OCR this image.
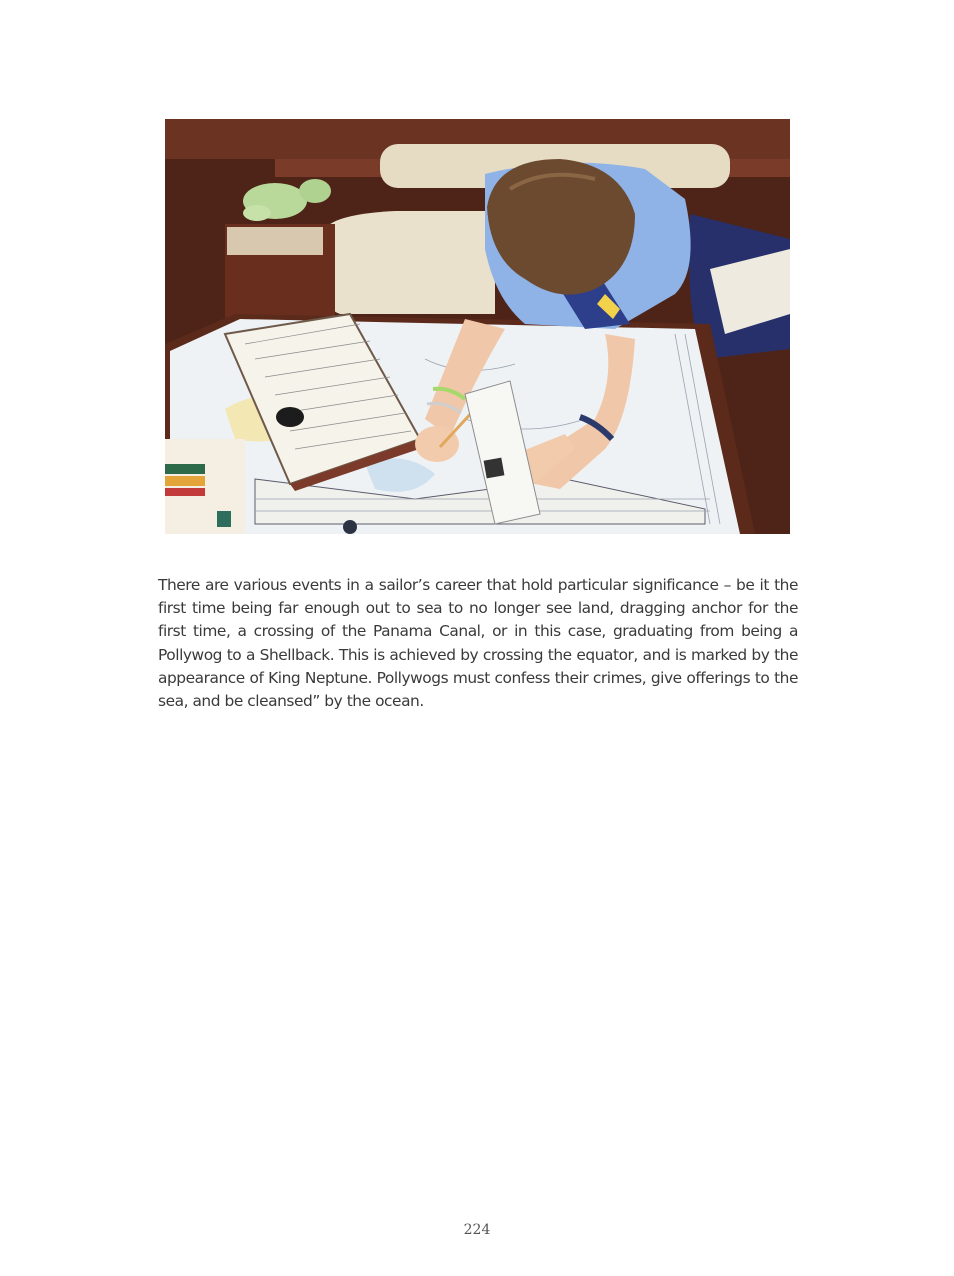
There are various events in a sailor’s career that hold particular significance – be it the first time being far enough out to sea to no longer see land, dragging anchor for the first time, a crossing of the Panama Canal, or in this case, graduating from being a Pollywog to a Shellback. This is achieved by crossing the equator, and is marked by the appearance of King Neptune. Pollywogs must confess their crimes, give offerings to the sea, and be cleansed” by the ocean.

224
